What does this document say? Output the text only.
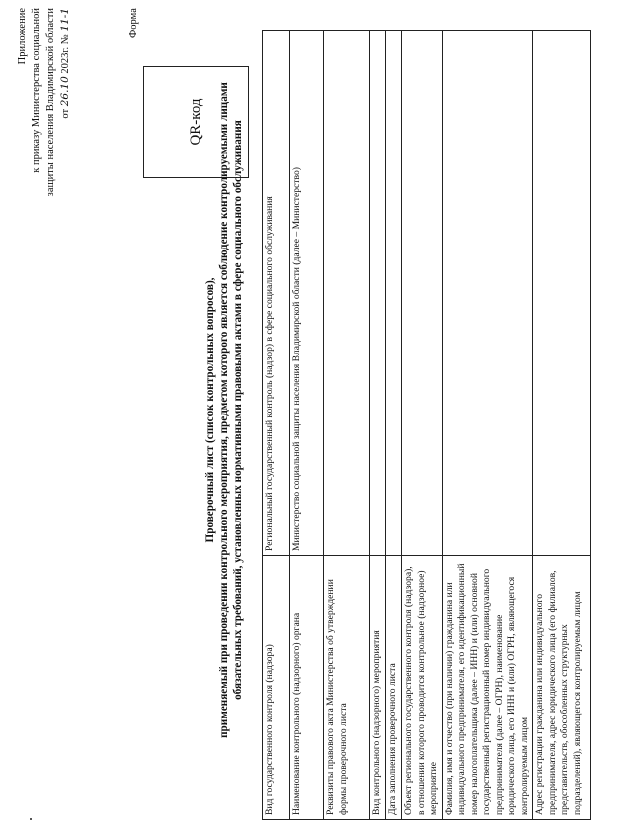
Приложение к приказу Министерства социальной защиты населения Владимирской области от 26.10 2023г. № 11-1	Форма
QR-код
Проверочный лист (список контрольных вопросов), применяемый при проведении контрольного мероприятия, предметом которого является соблюдение контролируемыми лицами обязательных требований, установленных нормативными правовыми актами в сфере социального обслуживания
Вид государственного контроля (надзора)	Региональный государственный контроль (надзор) в сфере социального обслуживания
Наименование контрольного (надзорного) органа	Министерство социальной защиты населения Владимирской области (далее – Министерство)
Реквизиты правового акта Министерства об утверждении формы проверочного листа	
Вид контрольного (надзорного) мероприятия	
Дата заполнения проверочного листа	
Объект регионального государственного контроля (надзора), в отношении которого проводится контрольное (надзорное) мероприятие	
Фамилия, имя и отчество (при наличии) гражданина или индивидуального предпринимателя, его идентификационный номер налогоплательщика (далее – ИНН) и (или) основной государственный регистрационный номер индивидуального предпринимателя (далее – ОГРН), наименование юридического лица, его ИНН и (или) ОГРН, являющегося контролируемым лицом	
Адрес регистрации гражданина или индивидуального предпринимателя, адрес юридического лица (его филиалов, представительств, обособленных структурных подразделений), являющегося контролируемым лицом	
